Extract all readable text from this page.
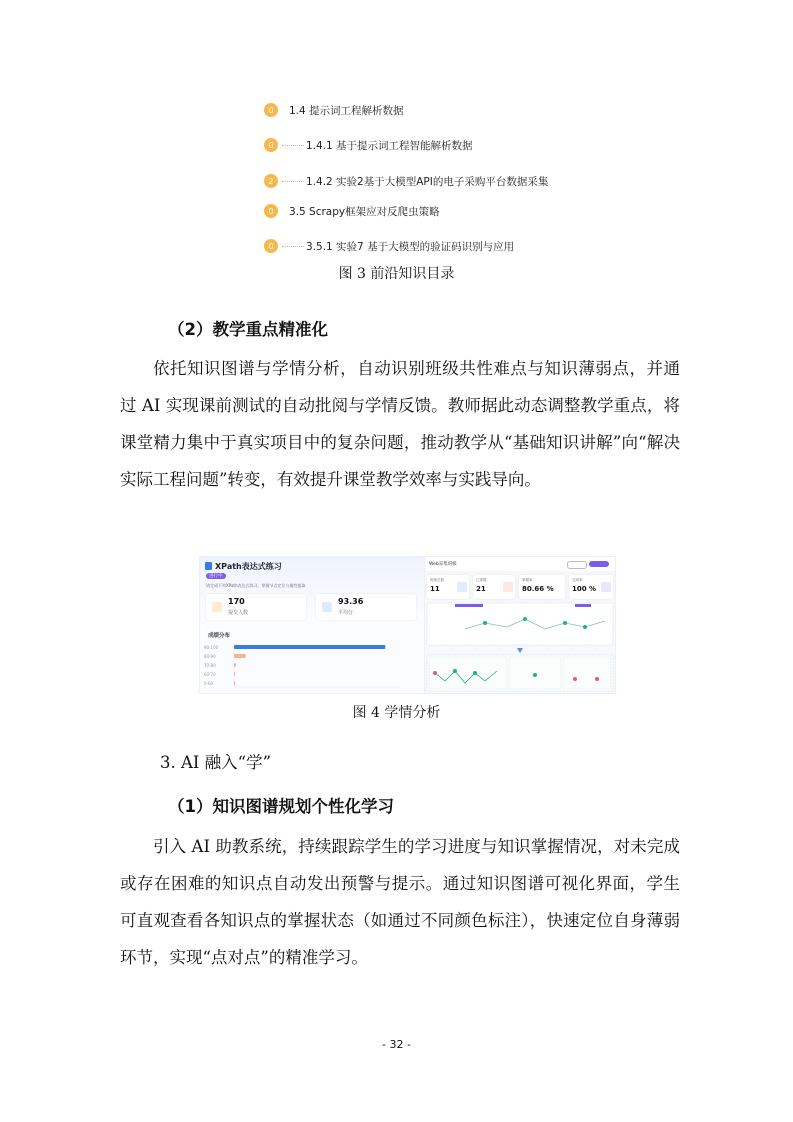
0	1.4 提示词工程解析数据
0	1.4.1 基于提示词工程智能解析数据
2	1.4.2 实验2基于大模型API的电子采购平台数据采集
0	3.5 Scrapy框架应对反爬虫策略
0	3.5.1 实验7 基于大模型的验证码识别与应用
图 3 前沿知识目录
（2）教学重点精准化

依托知识图谱与学情分析，自动识别班级共性难点与知识薄弱点，并通过 AI 实现课前测试的自动批阅与学情反馈。教师据此动态调整教学重点，将课堂精力集中于真实项目中的复杂问题，推动教学从“基础知识讲解”向“解决实际工程问题”转变，有效提升课堂教学效率与实践导向。

XPath表达式练习
进行中
请完成下列XPath表达式练习，掌握节点定位与属性提取
170
提交人数
93.36
平均分
成绩分布
90-100
80-90
70-80
60-70
0-60
Web采集班级
班级总数
11
已掌握
21
掌握率
80.66 %
完成率
100 %
图 4 学情分析
3. AI 融入“学”
（1）知识图谱规划个性化学习

引入 AI 助教系统，持续跟踪学生的学习进度与知识掌握情况，对未完成或存在困难的知识点自动发出预警与提示。通过知识图谱可视化界面，学生可直观查看各知识点的掌握状态（如通过不同颜色标注），快速定位自身薄弱环节，实现“点对点”的精准学习。

- 32 -
